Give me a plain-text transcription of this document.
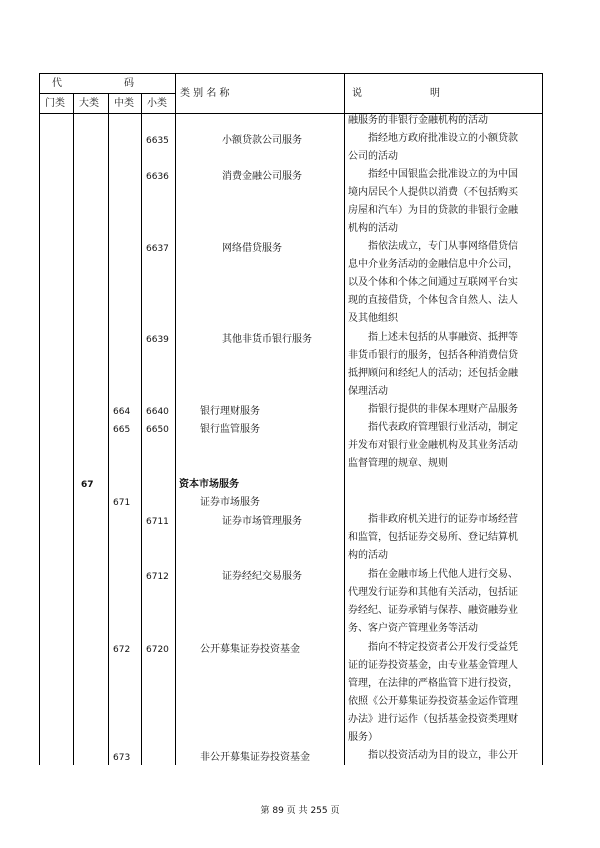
代	码
门类 大类 中类 小类
类 别 名 称	说	明
融服务的非银行金融机构的活动
6635	小额贷款公司服务	　　指经地方政府批准设立的小额贷款
公司的活动
6636	消费金融公司服务	　　指经中国银监会批准设立的为中国
境内居民个人提供以消费（不包括购买
房屋和汽车）为目的贷款的非银行金融
机构的活动
6637	网络借贷服务	　　指依法成立，专门从事网络借贷信
息中介业务活动的金融信息中介公司，
以及个体和个体之间通过互联网平台实
现的直接借贷，个体包含自然人、法人
及其他组织
6639	其他非货币银行服务	　　指上述未包括的从事融资、抵押等
非货币银行的服务，包括各种消费信贷
抵押顾问和经纪人的活动；还包括金融
保理活动
664 6640	银行理财服务	　　指银行提供的非保本理财产品服务
665 6650	银行监管服务	　　指代表政府管理银行业活动，制定
并发布对银行业金融机构及其业务活动
监督管理的规章、规则
67	资本市场服务
671	证券市场服务
6711	证券市场管理服务	　　指非政府机关进行的证券市场经营
和监管，包括证券交易所、登记结算机
构的活动
6712	证券经纪交易服务	　　指在金融市场上代他人进行交易、
代理发行证券和其他有关活动，包括证
券经纪、证券承销与保荐、融资融券业
务、客户资产管理业务等活动
672 6720	公开募集证券投资基金	　　指向不特定投资者公开发行受益凭
证的证券投资基金，由专业基金管理人
管理，在法律的严格监管下进行投资，
依照《公开募集证券投资基金运作管理
办法》进行运作（包括基金投资类理财
服务）
673	非公开募集证券投资基金	　　指以投资活动为目的设立，非公开
第 89 页 共 255 页
